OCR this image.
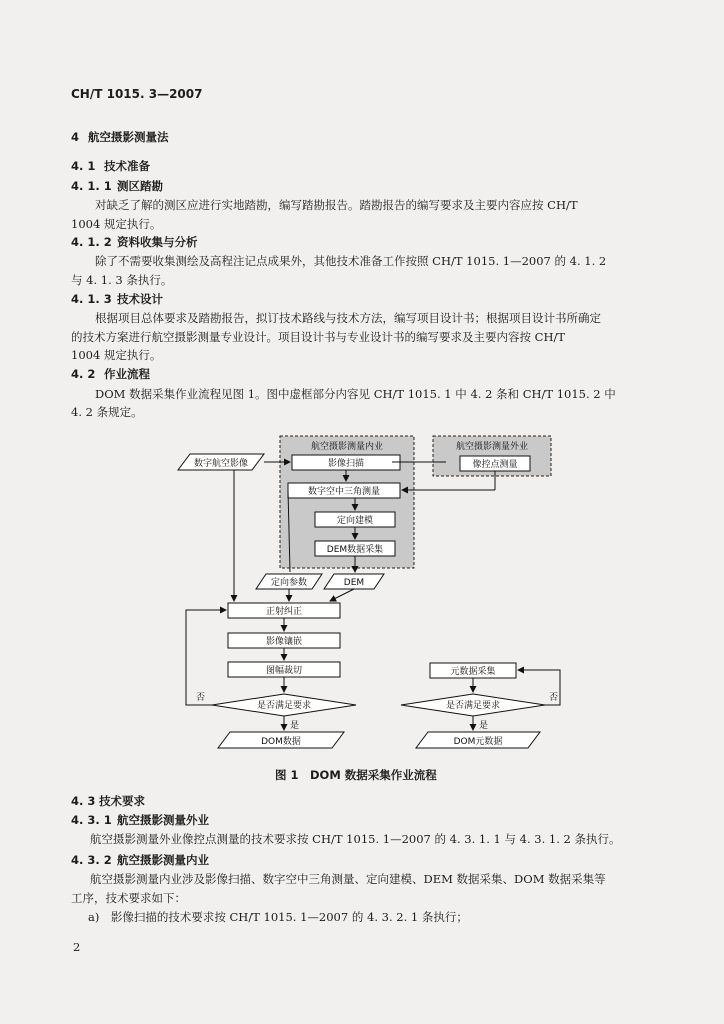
CH/T 1015. 3—2007
4 航空摄影测量法
4. 1 技术准备
4. 1. 1 测区踏勘
对缺乏了解的测区应进行实地踏勘，编写踏勘报告。踏勘报告的编写要求及主要内容应按 CH/T
1004 规定执行。
4. 1. 2 资料收集与分析
除了不需要收集测绘及高程注记点成果外，其他技术准备工作按照 CH/T 1015. 1—2007 的 4. 1. 2
与 4. 1. 3 条执行。
4. 1. 3 技术设计
根据项目总体要求及踏勘报告，拟订技术路线与技术方法，编写项目设计书；根据项目设计书所确定
的技术方案进行航空摄影测量专业设计。项目设计书与专业设计书的编写要求及主要内容按 CH/T
1004 规定执行。
4. 2 作业流程
DOM 数据采集作业流程见图 1。图中虚框部分内容见 CH/T 1015. 1 中 4. 2 条和 CH/T 1015. 2 中
4. 2 条规定。
航空摄影测量内业	航空摄影测量外业
影像扫描	像控点测量
数字航空影像
数字空中三角测量
定向建模
DEM数据采集
定向参数	DEM
正射纠正
影像镶嵌
图幅裁切
是否满足要求
否
是
DOM数据
元数据采集
是否满足要求
否
是
DOM元数据
图 1　DOM 数据采集作业流程
4. 3 技术要求
4. 3. 1 航空摄影测量外业
航空摄影测量外业像控点测量的技术要求按 CH/T 1015. 1—2007 的 4. 3. 1. 1 与 4. 3. 1. 2 条执行。
4. 3. 2 航空摄影测量内业
航空摄影测量内业涉及影像扫描、数字空中三角测量、定向建模、DEM 数据采集、DOM 数据采集等
工序，技术要求如下：
a)　影像扫描的技术要求按 CH/T 1015. 1—2007 的 4. 3. 2. 1 条执行；
2
